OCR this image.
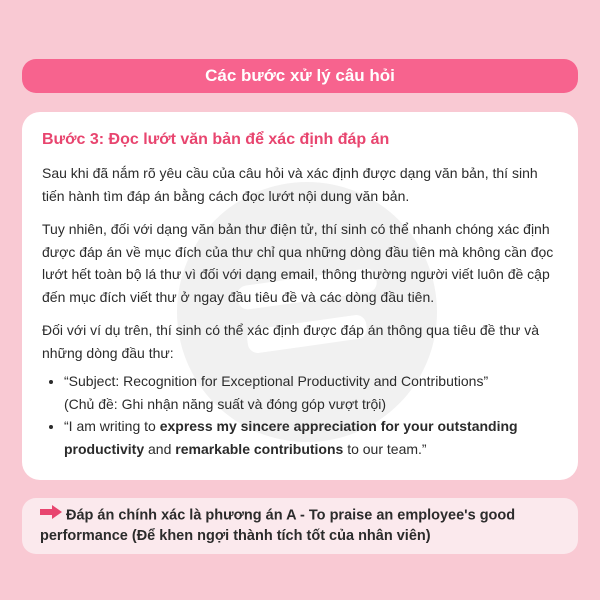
Các bước xử lý câu hỏi

Bước 3: Đọc lướt văn bản để xác định đáp án

Sau khi đã nắm rõ yêu cầu của câu hỏi và xác định được dạng văn bản, thí sinh tiến hành tìm đáp án bằng cách đọc lướt nội dung văn bản.

Tuy nhiên, đối với dạng văn bản thư điện tử, thí sinh có thể nhanh chóng xác định được đáp án về mục đích của thư chỉ qua những dòng đầu tiên mà không cần đọc lướt hết toàn bộ lá thư vì đối với dạng email, thông thường người viết luôn đề cập đến mục đích viết thư ở ngay đầu tiêu đề và các dòng đầu tiên.

Đối với ví dụ trên, thí sinh có thể xác định được đáp án thông qua tiêu đề thư và những dòng đầu thư:

• “Subject: Recognition for Exceptional Productivity and Contributions”
(Chủ đề: Ghi nhận năng suất và đóng góp vượt trội)
• “I am writing to express my sincere appreciation for your outstanding productivity and remarkable contributions to our team.”
Đáp án chính xác là phương án A - To praise an employee's good performance (Để khen ngợi thành tích tốt của nhân viên)
